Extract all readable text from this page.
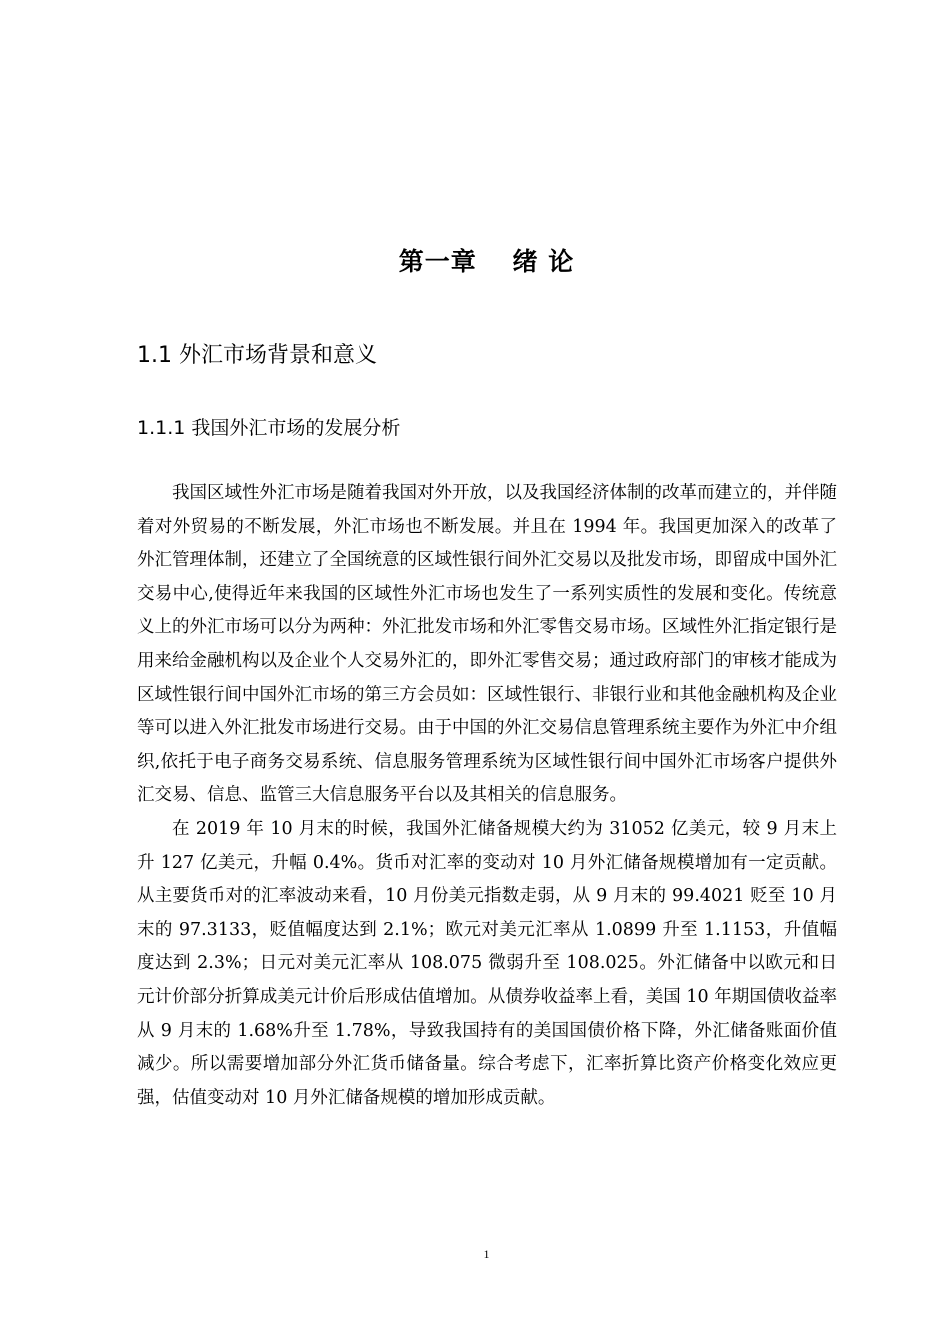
第一章　 绪 论
1.1 外汇市场背景和意义
1.1.1 我国外汇市场的发展分析

我国区域性外汇市场是随着我国对外开放，以及我国经济体制的改革而建立的，并伴随着对外贸易的不断发展，外汇市场也不断发展。并且在 1994 年。我国更加深入的改革了外汇管理体制，还建立了全国统意的区域性银行间外汇交易以及批发市场，即留成中国外汇交易中心,使得近年来我国的区域性外汇市场也发生了一系列实质性的发展和变化。传统意义上的外汇市场可以分为两种：外汇批发市场和外汇零售交易市场。区域性外汇指定银行是用来给金融机构以及企业个人交易外汇的，即外汇零售交易；通过政府部门的审核才能成为区域性银行间中国外汇市场的第三方会员如：区域性银行、非银行业和其他金融机构及企业等可以进入外汇批发市场进行交易。由于中国的外汇交易信息管理系统主要作为外汇中介组织,依托于电子商务交易系统、信息服务管理系统为区域性银行间中国外汇市场客户提供外汇交易、信息、监管三大信息服务平台以及其相关的信息服务。

在 2019 年 10 月末的时候，我国外汇储备规模大约为 31052 亿美元，较 9 月末上升 127 亿美元，升幅 0.4%。货币对汇率的变动对 10 月外汇储备规模增加有一定贡献。从主要货币对的汇率波动来看，10 月份美元指数走弱，从 9 月末的 99.4021 贬至 10 月末的 97.3133，贬值幅度达到 2.1%；欧元对美元汇率从 1.0899 升至 1.1153，升值幅度达到 2.3%；日元对美元汇率从 108.075 微弱升至 108.025。外汇储备中以欧元和日元计价部分折算成美元计价后形成估值增加。从债券收益率上看，美国 10 年期国债收益率从 9 月末的 1.68%升至 1.78%，导致我国持有的美国国债价格下降，外汇储备账面价值减少。所以需要增加部分外汇货币储备量。综合考虑下，汇率折算比资产价格变化效应更强，估值变动对 10 月外汇储备规模的增加形成贡献。

1
